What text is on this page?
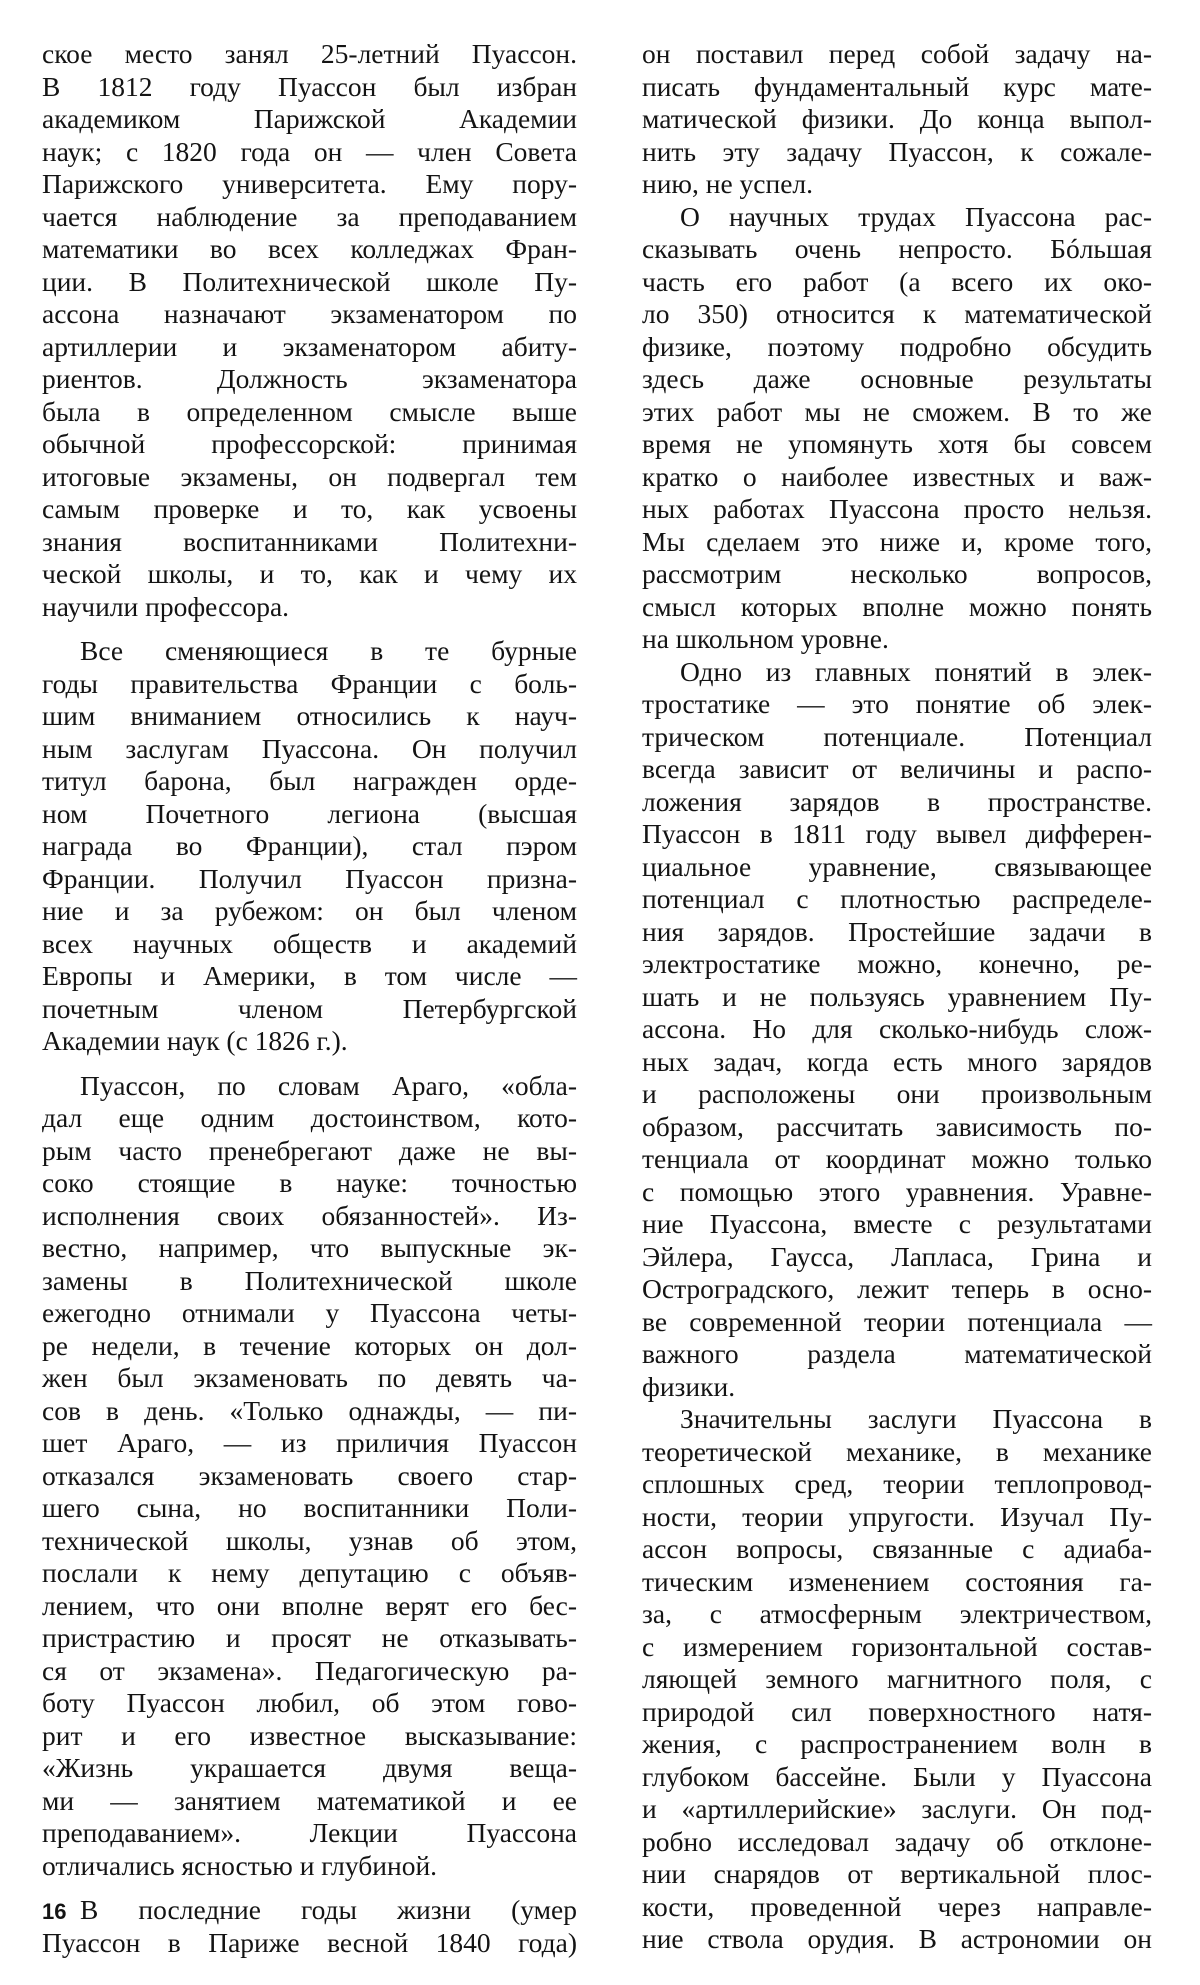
ское место занял 25-летний Пуассон.
В 1812 году Пуассон был избран
академиком Парижской Академии
наук; с 1820 года он — член Совета
Парижского университета. Ему пору-
чается наблюдение за преподаванием
математики во всех колледжах Фран-
ции. В Политехнической школе Пу-
ассона назначают экзаменатором по
артиллерии и экзаменатором абиту-
риентов. Должность экзаменатора
была в определенном смысле выше
обычной профессорской: принимая
итоговые экзамены, он подвергал тем
самым проверке и то, как усвоены
знания воспитанниками Политехни-
ческой школы, и то, как и чему их
научили профессора.
Все сменяющиеся в те бурные
годы правительства Франции с боль-
шим вниманием относились к науч-
ным заслугам Пуассона. Он получил
титул барона, был награжден орде-
ном Почетного легиона (высшая
награда во Франции), стал пэром
Франции. Получил Пуассон призна-
ние и за рубежом: он был членом
всех научных обществ и академий
Европы и Америки, в том числе —
почетным членом Петербургской
Академии наук (с 1826 г.).
Пуассон, по словам Араго, «обла-
дал еще одним достоинством, кото-
рым часто пренебрегают даже не вы-
соко стоящие в науке: точностью
исполнения своих обязанностей». Из-
вестно, например, что выпускные эк-
замены в Политехнической школе
ежегодно отнимали у Пуассона четы-
ре недели, в течение которых он дол-
жен был экзаменовать по девять ча-
сов в день. «Только однажды, — пи-
шет Араго, — из приличия Пуассон
отказался экзаменовать своего стар-
шего сына, но воспитанники Поли-
технической школы, узнав об этом,
послали к нему депутацию с объяв-
лением, что они вполне верят его бес-
пристрастию и просят не отказывать-
ся от экзамена». Педагогическую ра-
боту Пуассон любил, об этом гово-
рит и его известное высказывание:
«Жизнь украшается двумя веща-
ми — занятием математикой и ее
преподаванием». Лекции Пуассона
отличались ясностью и глубиной.
В последние годы жизни (умер
Пуассон в Париже весной 1840 года)
он поставил перед собой задачу на-
писать фундаментальный курс мате-
матической физики. До конца выпол-
нить эту задачу Пуассон, к сожале-
нию, не успел.
О научных трудах Пуассона рас-
сказывать очень непросто. Бóльшая
часть его работ (а всего их око-
ло 350) относится к математической
физике, поэтому подробно обсудить
здесь даже основные результаты
этих работ мы не сможем. В то же
время не упомянуть хотя бы совсем
кратко о наиболее известных и важ-
ных работах Пуассона просто нельзя.
Мы сделаем это ниже и, кроме того,
рассмотрим несколько вопросов,
смысл которых вполне можно понять
на школьном уровне.
Одно из главных понятий в элек-
тростатике — это понятие об элек-
трическом потенциале. Потенциал
всегда зависит от величины и распо-
ложения зарядов в пространстве.
Пуассон в 1811 году вывел дифферен-
циальное уравнение, связывающее
потенциал с плотностью распределе-
ния зарядов. Простейшие задачи в
электростатике можно, конечно, ре-
шать и не пользуясь уравнением Пу-
ассона. Но для сколько-нибудь слож-
ных задач, когда есть много зарядов
и расположены они произвольным
образом, рассчитать зависимость по-
тенциала от координат можно только
с помощью этого уравнения. Уравне-
ние Пуассона, вместе с результатами
Эйлера, Гаусса, Лапласа, Грина и
Остроградского, лежит теперь в осно-
ве современной теории потенциала —
важного раздела математической
физики.
Значительны заслуги Пуассона в
теоретической механике, в механике
сплошных сред, теории теплопровод-
ности, теории упругости. Изучал Пу-
ассон вопросы, связанные с адиаба-
тическим изменением состояния га-
за, с атмосферным электричеством,
с измерением горизонтальной состав-
ляющей земного магнитного поля, с
природой сил поверхностного натя-
жения, с распространением волн в
глубоком бассейне. Были у Пуассона
и «артиллерийские» заслуги. Он под-
робно исследовал задачу об отклоне-
нии снарядов от вертикальной плос-
кости, проведенной через направле-
ние ствола орудия. В астрономии он
16
